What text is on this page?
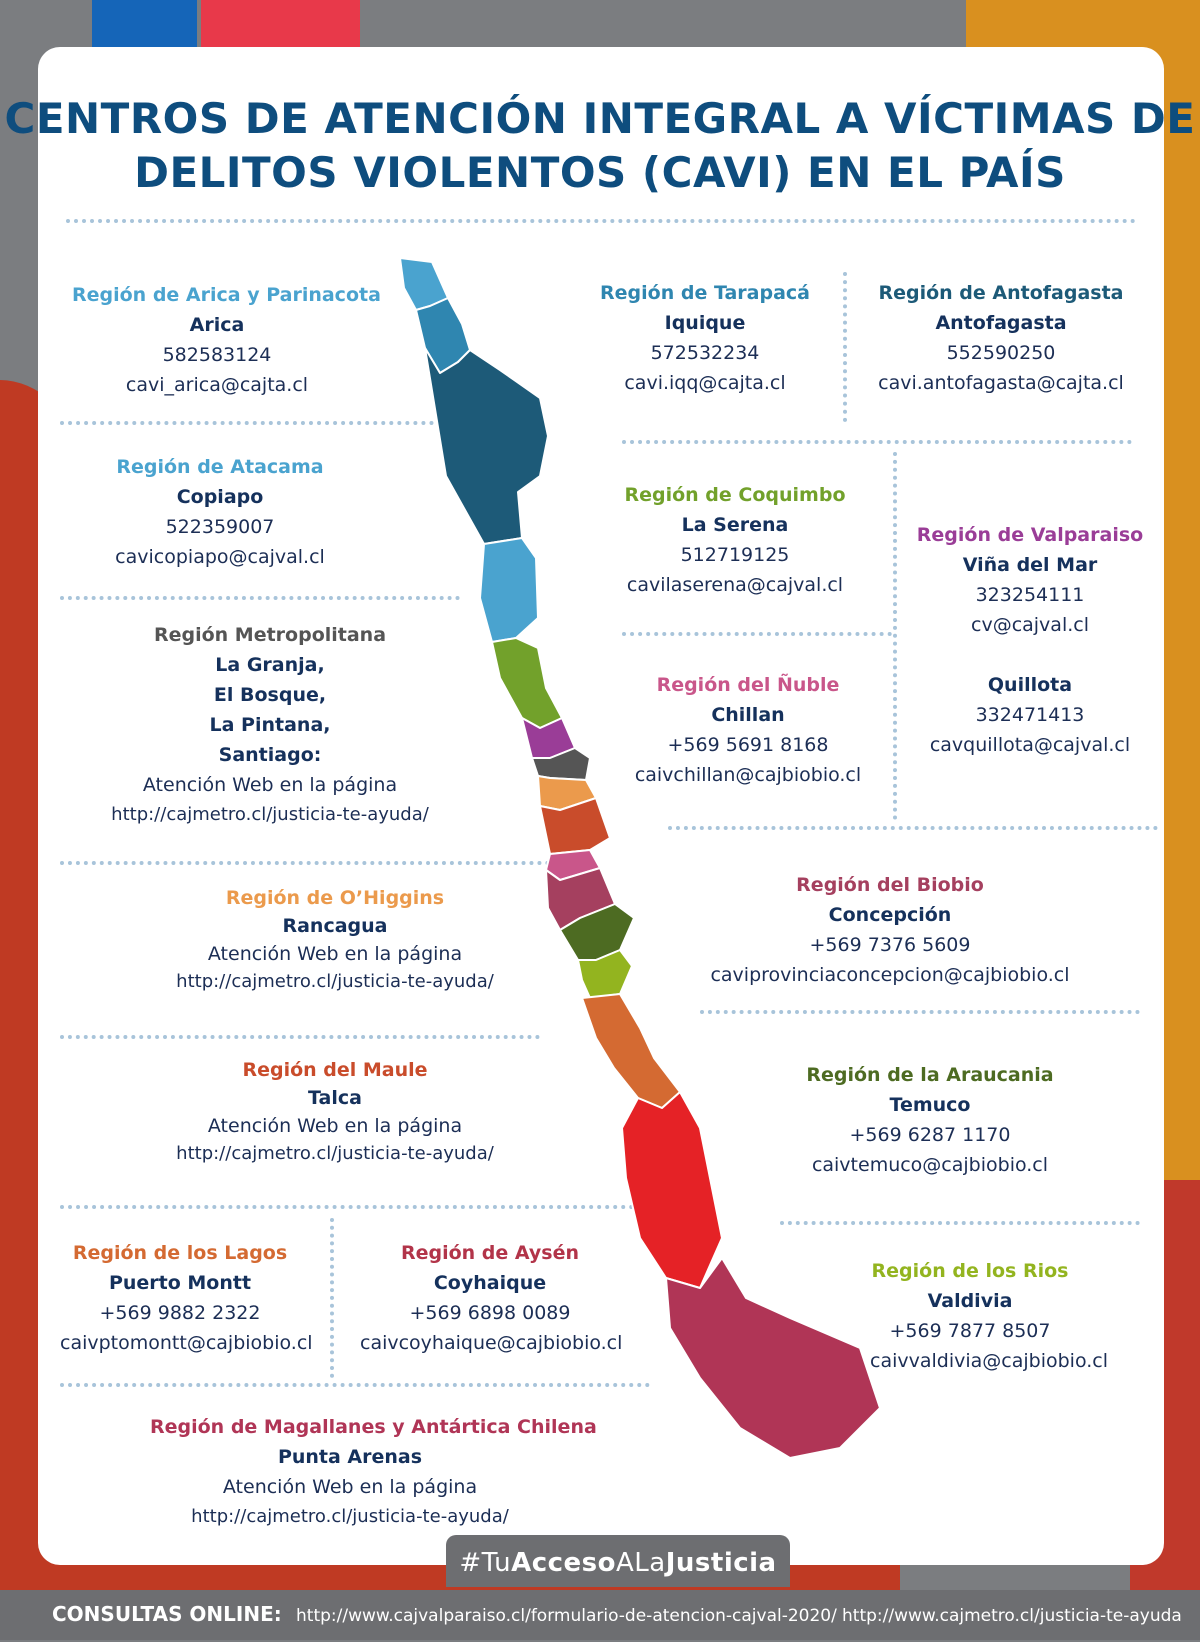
CENTROS DE ATENCIÓN INTEGRAL A VÍCTIMAS DE
DELITOS VIOLENTOS (CAVI) EN EL PAÍS
Región de Arica y Parinacota
Arica
582583124
cavi_arica@cajta.cl
Región de Tarapacá
Iquique
572532234
cavi.iqq@cajta.cl
Región de Antofagasta
Antofagasta
552590250
cavi.antofagasta@cajta.cl
Región de Atacama
Copiapo
522359007
cavicopiapo@cajval.cl
Región de Coquimbo
La Serena
512719125
cavilaserena@cajval.cl
Región de Valparaiso
Viña del Mar
323254111
cv@cajval.cl
Quillota
332471413
cavquillota@cajval.cl
Región Metropolitana
La Granja,
El Bosque,
La Pintana,
Santiago:
Atención Web en la página
http://cajmetro.cl/justicia-te-ayuda/
Región del Ñuble
Chillan
+569 5691 8168
caivchillan@cajbiobio.cl
Región de O’Higgins
Rancagua
Atención Web en la página
http://cajmetro.cl/justicia-te-ayuda/
Región del Biobio
Concepción
+569 7376 5609
caviprovinciaconcepcion@cajbiobio.cl
Región del Maule
Talca
Atención Web en la página
http://cajmetro.cl/justicia-te-ayuda/
Región de la Araucania
Temuco
+569 6287 1170
caivtemuco@cajbiobio.cl
Región de los Lagos
Puerto Montt
+569 9882 2322
caivptomontt@cajbiobio.cl
Región de Aysén
Coyhaique
+569 6898 0089
caivcoyhaique@cajbiobio.cl
Región de los Rios
Valdivia
+569 7877 8507
caivvaldivia@cajbiobio.cl
Región de Magallanes y Antártica Chilena
Punta Arenas
Atención Web en la página
http://cajmetro.cl/justicia-te-ayuda/
#TuAccesoALaJusticia
CONSULTAS ONLINE: http://www.cajvalparaiso.cl/formulario-de-atencion-cajval-2020/ http://www.cajmetro.cl/justicia-te-ayuda
